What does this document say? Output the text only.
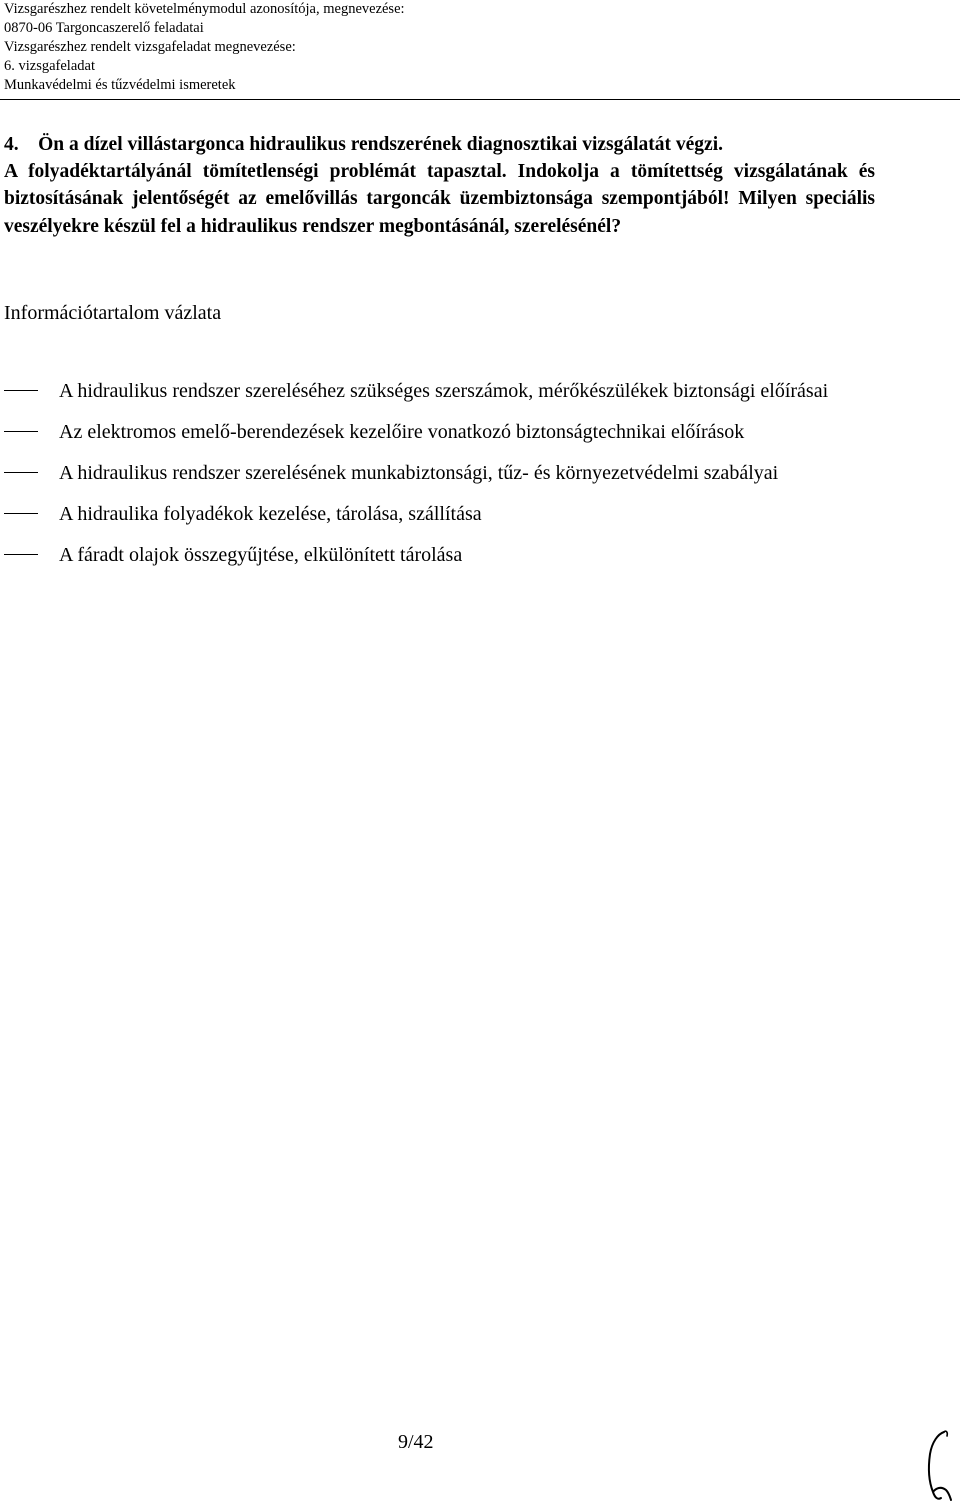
Vizsgarészhez rendelt követelménymodul azonosítója, megnevezése:
0870-06 Targoncaszerelő feladatai
Vizsgarészhez rendelt vizsgafeladat megnevezése:
6. vizsgafeladat
Munkavédelmi és tűzvédelmi ismeretek
4.    Ön a dízel villástargonca hidraulikus rendszerének diagnosztikai vizsgálatát végzi.
A folyadéktartályánál tömítetlenségi problémát tapasztal. Indokolja a tömítettség vizsgálatának és biztosításának jelentőségét az emelővillás targoncák üzembiztonsága szempontjából! Milyen speciális veszélyekre készül fel a hidraulikus rendszer megbontásánál, szerelésénél?
Információtartalom vázlata
A hidraulikus rendszer szereléséhez szükséges szerszámok, mérőkészülékek biztonsági előírásai
Az elektromos emelő-berendezések kezelőire vonatkozó biztonságtechnikai előírások
A hidraulikus rendszer szerelésének munkabiztonsági, tűz- és környezetvédelmi szabályai
A hidraulika folyadékok kezelése, tárolása, szállítása
A fáradt olajok összegyűjtése, elkülönített tárolása
9/42
